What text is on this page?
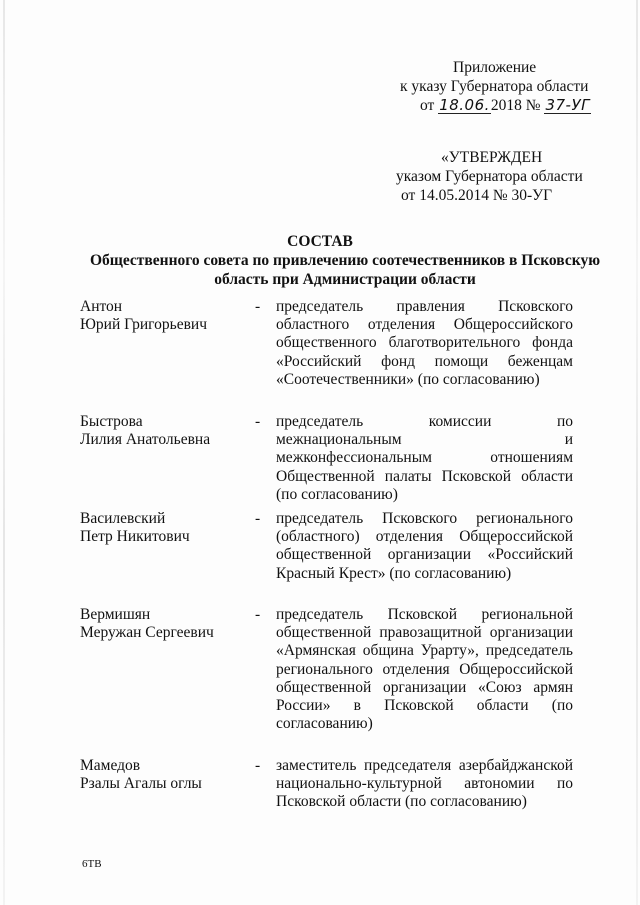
Приложение
к указу Губернатора области
от 18.06.2018 № 37-УГ
«УТВЕРЖДЕН
указом Губернатора области
от 14.05.2014 № 30-УГ
СОСТАВ
Общественного совета по привлечению соотечественников в Псковскую область при Администрации области
Антон
Юрий Григорьевич
- председатель правления Псковского областного отделения Общероссийского общественного благотворительного фонда «Российский фонд помощи беженцам «Соотечественники» (по согласованию)
Быстрова
Лилия Анатольевна
- председатель комиссии по межнациональным и межконфессиональным отношениям Общественной палаты Псковской области (по согласованию)
Василевский
Петр Никитович
- председатель Псковского регионального (областного) отделения Общероссийской общественной организации «Российский Красный Крест» (по согласованию)
Вермишян
Меружан Сергеевич
- председатель Псковской региональной общественной правозащитной организации «Армянская община Урарту», председатель регионального отделения Общероссийской общественной организации «Союз армян России» в Псковской области (по согласованию)
Мамедов
Рзалы Агалы оглы
- заместитель председателя азербайджанской национально-культурной автономии по Псковской области (по согласованию)
6ТВ
